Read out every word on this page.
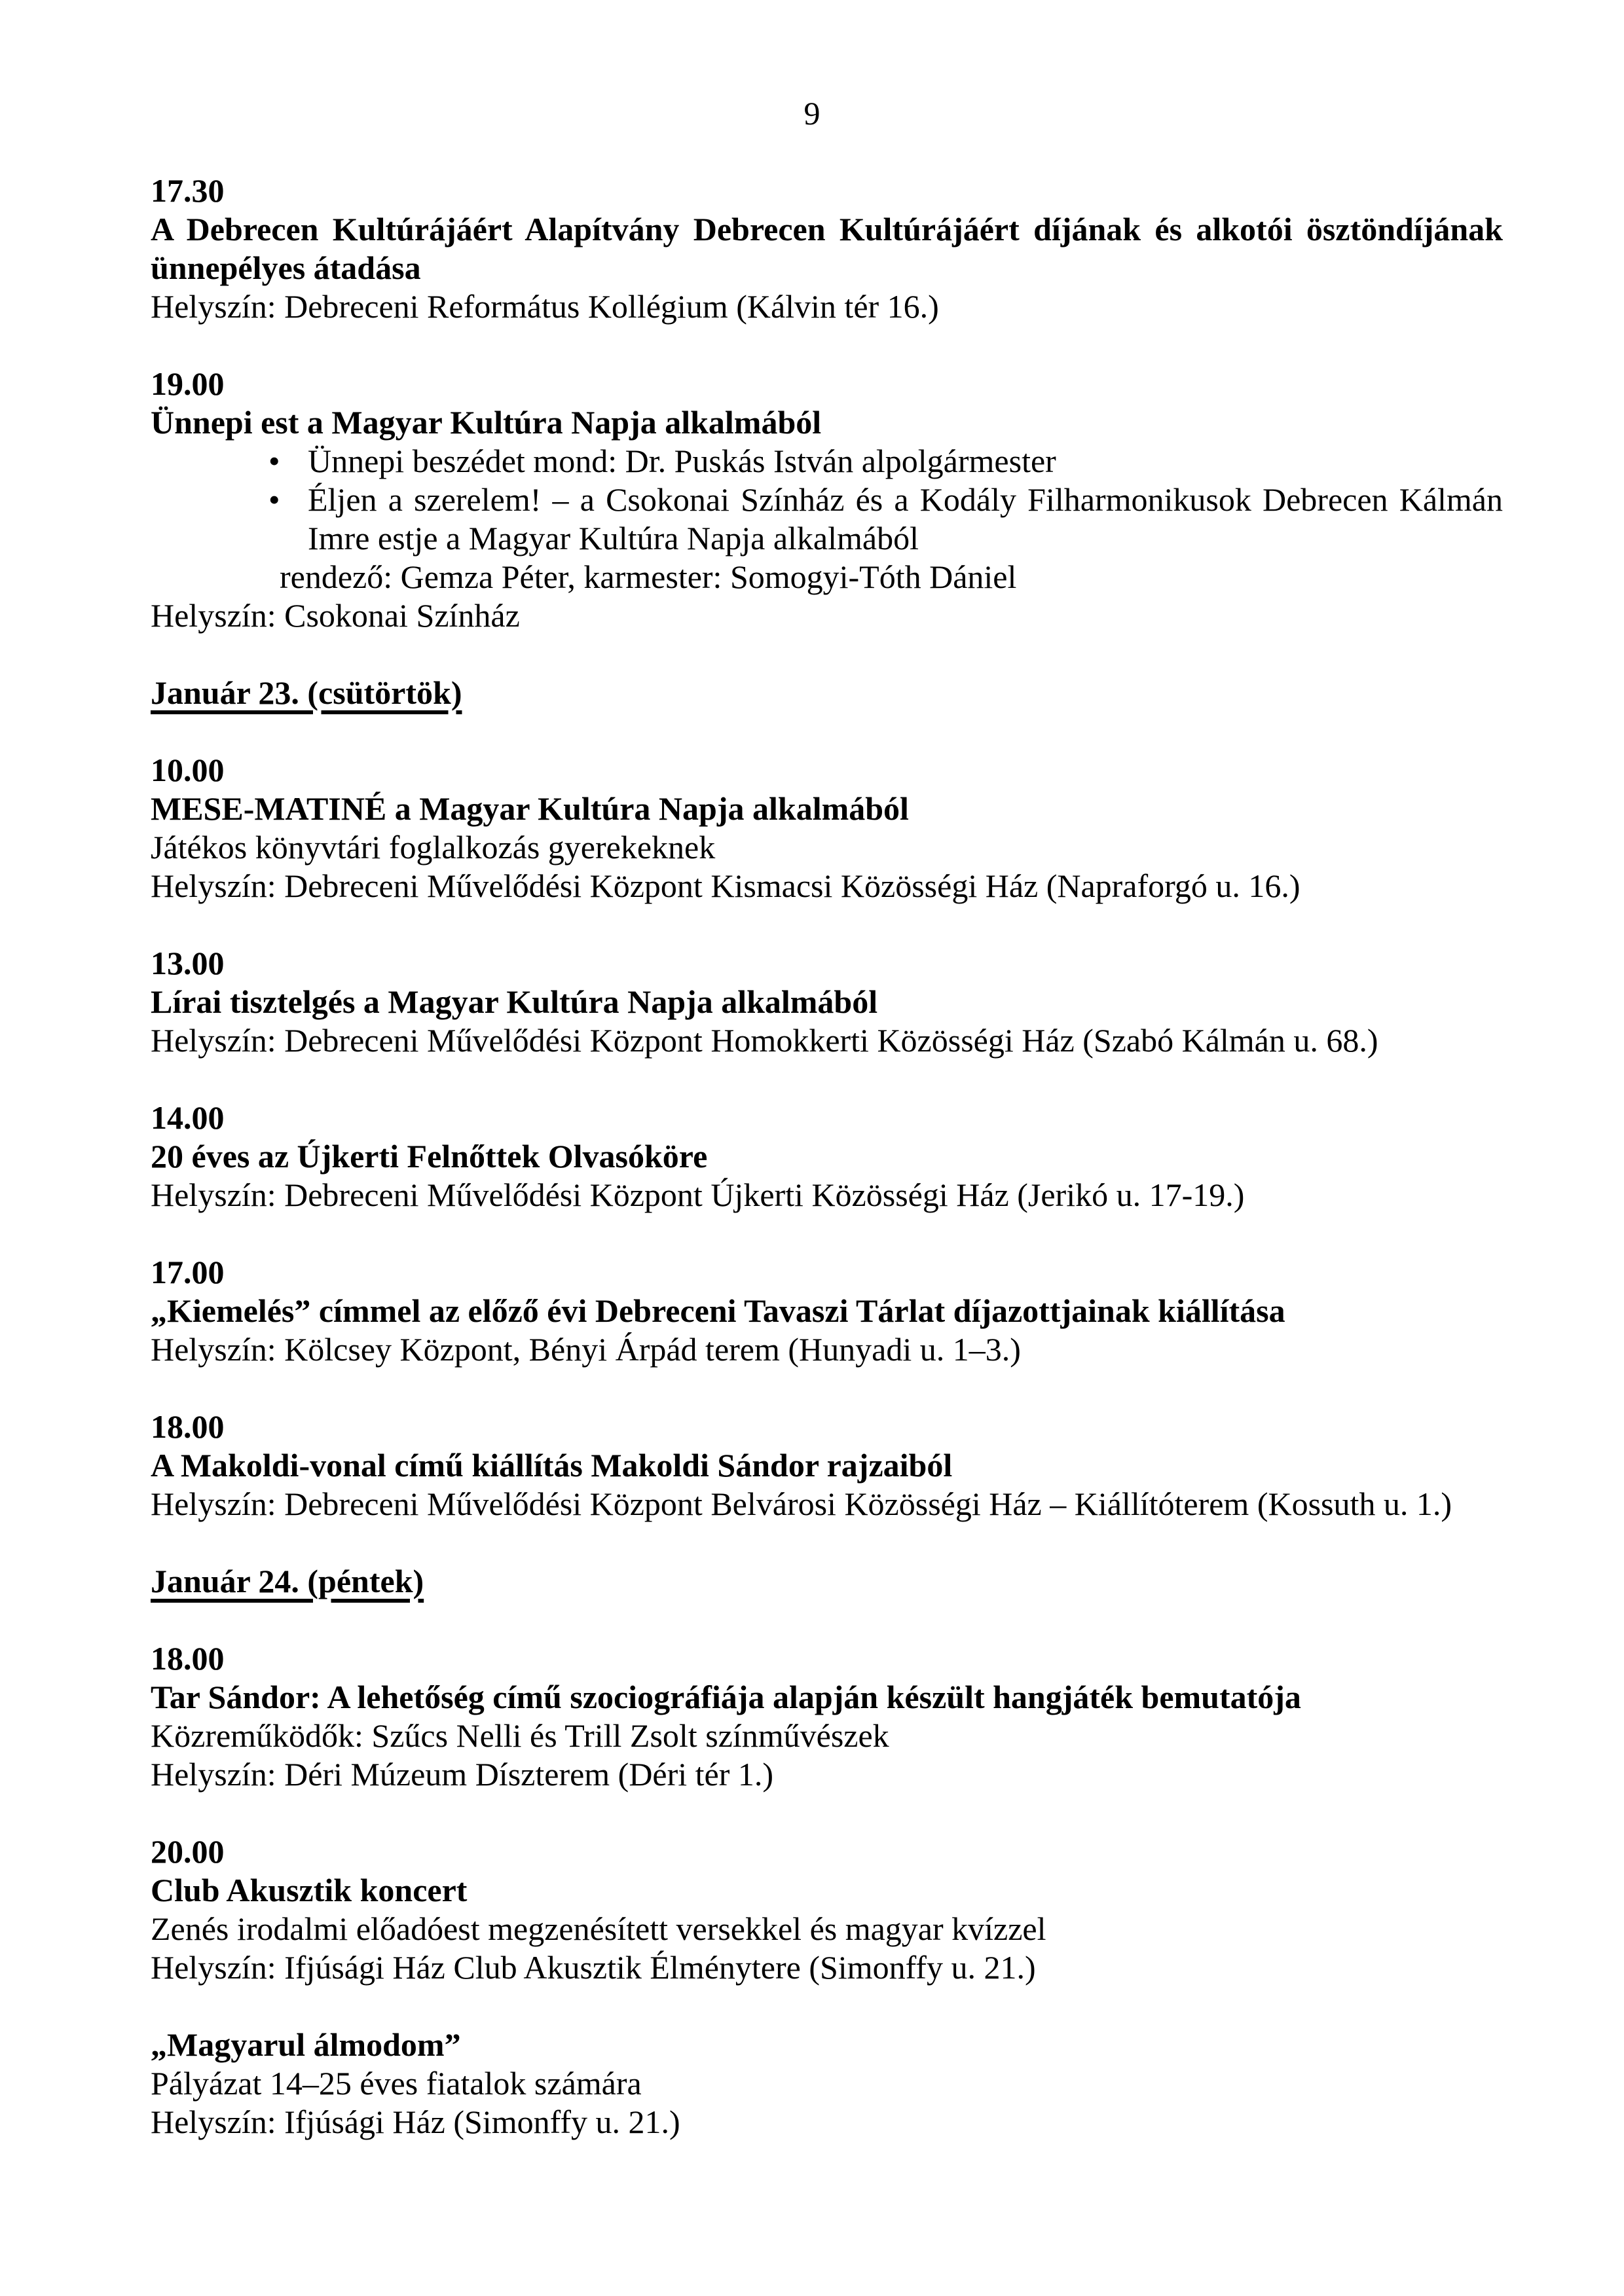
9
17.30
A Debrecen Kultúrájáért Alapítvány Debrecen Kultúrájáért díjának és alkotói ösztöndíjának
ünnepélyes átadása
Helyszín: Debreceni Református Kollégium (Kálvin tér 16.)
19.00
Ünnepi est a Magyar Kultúra Napja alkalmából
• Ünnepi beszédet mond: Dr. Puskás István alpolgármester
• Éljen a szerelem! – a Csokonai Színház és a Kodály Filharmonikusok Debrecen Kálmán
Imre estje a Magyar Kultúra Napja alkalmából
rendező: Gemza Péter, karmester: Somogyi-Tóth Dániel
Helyszín: Csokonai Színház
Január 23. (csütörtök)
10.00
MESE-MATINÉ a Magyar Kultúra Napja alkalmából
Játékos könyvtári foglalkozás gyerekeknek
Helyszín: Debreceni Művelődési Központ Kismacsi Közösségi Ház (Napraforgó u. 16.)
13.00
Lírai tisztelgés a Magyar Kultúra Napja alkalmából
Helyszín: Debreceni Művelődési Központ Homokkerti Közösségi Ház (Szabó Kálmán u. 68.)
14.00
20 éves az Újkerti Felnőttek Olvasóköre
Helyszín: Debreceni Művelődési Központ Újkerti Közösségi Ház (Jerikó u. 17-19.)
17.00
„Kiemelés” címmel az előző évi Debreceni Tavaszi Tárlat díjazottjainak kiállítása
Helyszín: Kölcsey Központ, Bényi Árpád terem (Hunyadi u. 1–3.)
18.00
A Makoldi-vonal című kiállítás Makoldi Sándor rajzaiból
Helyszín: Debreceni Művelődési Központ Belvárosi Közösségi Ház – Kiállítóterem (Kossuth u. 1.)
Január 24. (péntek)
18.00
Tar Sándor: A lehetőség című szociográfiája alapján készült hangjáték bemutatója
Közreműködők: Szűcs Nelli és Trill Zsolt színművészek
Helyszín: Déri Múzeum Díszterem (Déri tér 1.)
20.00
Club Akusztik koncert
Zenés irodalmi előadóest megzenésített versekkel és magyar kvízzel
Helyszín: Ifjúsági Ház Club Akusztik Élménytere (Simonffy u. 21.)
„Magyarul álmodom”
Pályázat 14–25 éves fiatalok számára
Helyszín: Ifjúsági Ház (Simonffy u. 21.)
